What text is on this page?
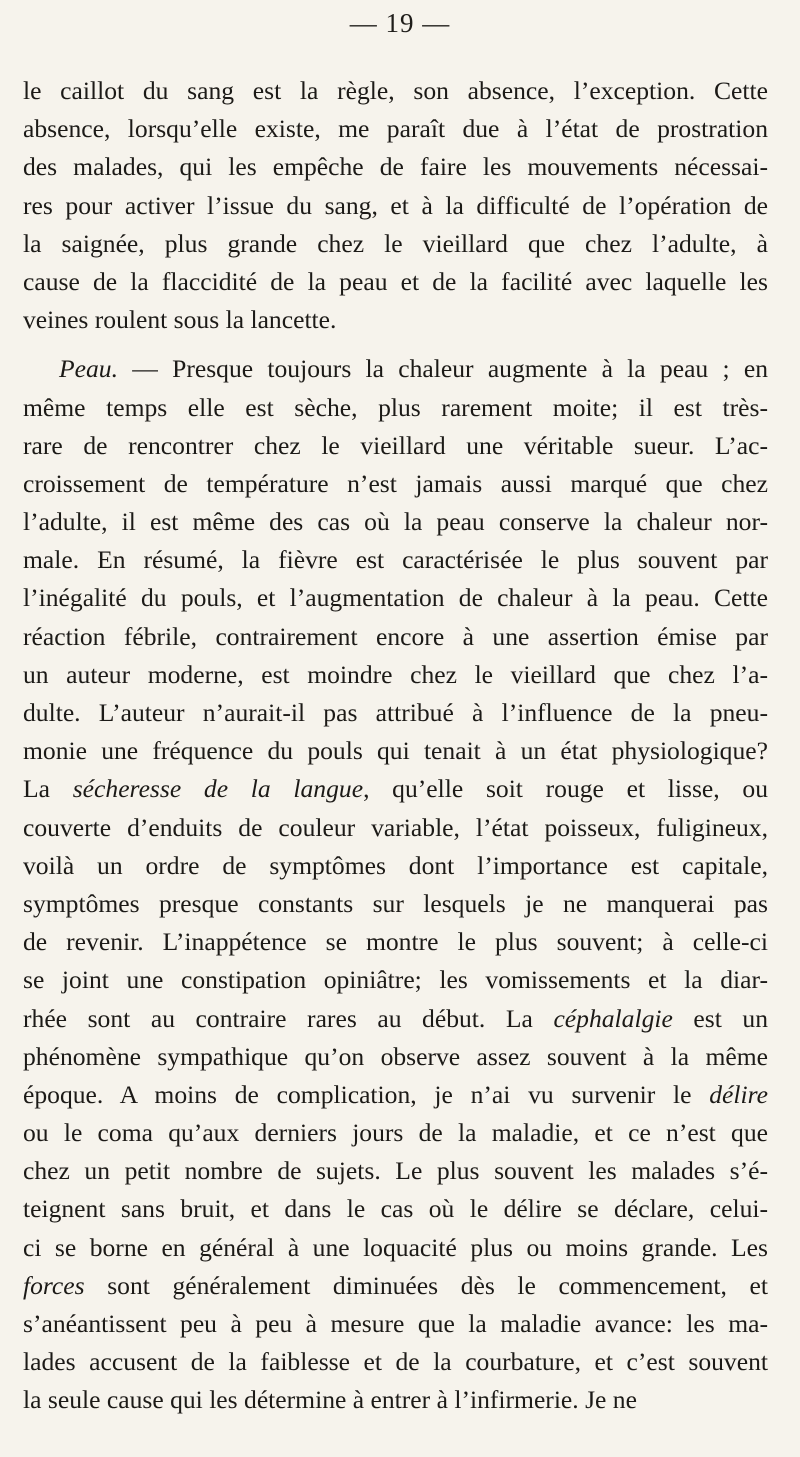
— 19 —
le caillot du sang est la règle, son absence, l’exception. Cette
absence, lorsqu’elle existe, me paraît due à l’état de prostration
des malades, qui les empêche de faire les mouvements nécessai-
res pour activer l’issue du sang, et à la difficulté de l’opération de
la saignée, plus grande chez le vieillard que chez l’adulte, à
cause de la flaccidité de la peau et de la facilité avec laquelle les
veines roulent sous la lancette.
Peau. — Presque toujours la chaleur augmente à la peau ; en
même temps elle est sèche, plus rarement moite; il est très-
rare de rencontrer chez le vieillard une véritable sueur. L’ac-
croissement de température n’est jamais aussi marqué que chez
l’adulte, il est même des cas où la peau conserve la chaleur nor-
male. En résumé, la fièvre est caractérisée le plus souvent par
l’inégalité du pouls, et l’augmentation de chaleur à la peau. Cette
réaction fébrile, contrairement encore à une assertion émise par
un auteur moderne, est moindre chez le vieillard que chez l’a-
dulte. L’auteur n’aurait-il pas attribué à l’influence de la pneu-
monie une fréquence du pouls qui tenait à un état physiologique?
La sécheresse de la langue, qu’elle soit rouge et lisse, ou
couverte d’enduits de couleur variable, l’état poisseux, fuligineux,
voilà un ordre de symptômes dont l’importance est capitale,
symptômes presque constants sur lesquels je ne manquerai pas
de revenir. L’inappétence se montre le plus souvent; à celle-ci
se joint une constipation opiniâtre; les vomissements et la diar-
rhée sont au contraire rares au début. La céphalalgie est un
phénomène sympathique qu’on observe assez souvent à la même
époque. A moins de complication, je n’ai vu survenir le délire
ou le coma qu’aux derniers jours de la maladie, et ce n’est que
chez un petit nombre de sujets. Le plus souvent les malades s’é-
teignent sans bruit, et dans le cas où le délire se déclare, celui-
ci se borne en général à une loquacité plus ou moins grande. Les
forces sont généralement diminuées dès le commencement, et
s’anéantissent peu à peu à mesure que la maladie avance: les ma-
lades accusent de la faiblesse et de la courbature, et c’est souvent
la seule cause qui les détermine à entrer à l’infirmerie. Je ne
